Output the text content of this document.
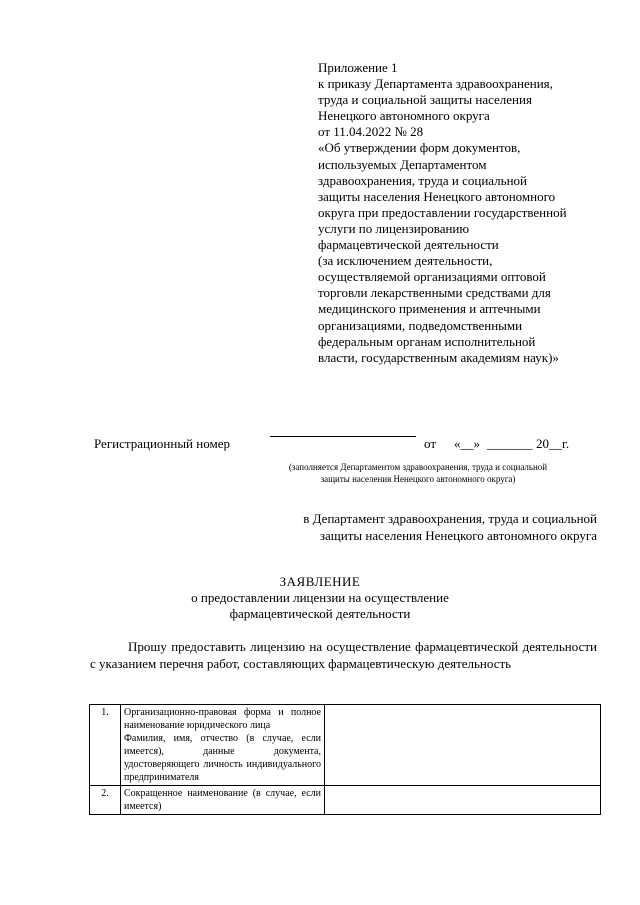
Приложение 1
к приказу Департамента здравоохранения,
труда и социальной защиты населения
Ненецкого автономного округа
от 11.04.2022 № 28
«Об утверждении форм документов,
используемых Департаментом
здравоохранения, труда и социальной
защиты населения Ненецкого автономного
округа при предоставлении государственной
услуги по лицензированию
фармацевтической деятельности
(за исключением деятельности,
осуществляемой организациями оптовой
торговли лекарственными средствами для
медицинского применения и аптечными
организациями, подведомственными
федеральным органам исполнительной
власти, государственным академиям наук)»
Регистрационный номер	от «__» _______ 20__г.
(заполняется Департаментом здравоохранения, труда и социальной
защиты населения Ненецкого автономного округа)
в Департамент здравоохранения, труда и социальной
защиты населения Ненецкого автономного округа
ЗАЯВЛЕНИЕ
о предоставлении лицензии на осуществление
фармацевтической деятельности
Прошу предоставить лицензию на осуществление фармацевтической деятельности с указанием перечня работ, составляющих фармацевтическую деятельность
1.	Организационно-правовая форма и полное наименование юридического лица
Фамилия, имя, отчество (в случае, если имеется), данные документа, удостоверяющего личность индивидуального предпринимателя	

2.	Сокращенное наименование (в случае, если имеется)	
